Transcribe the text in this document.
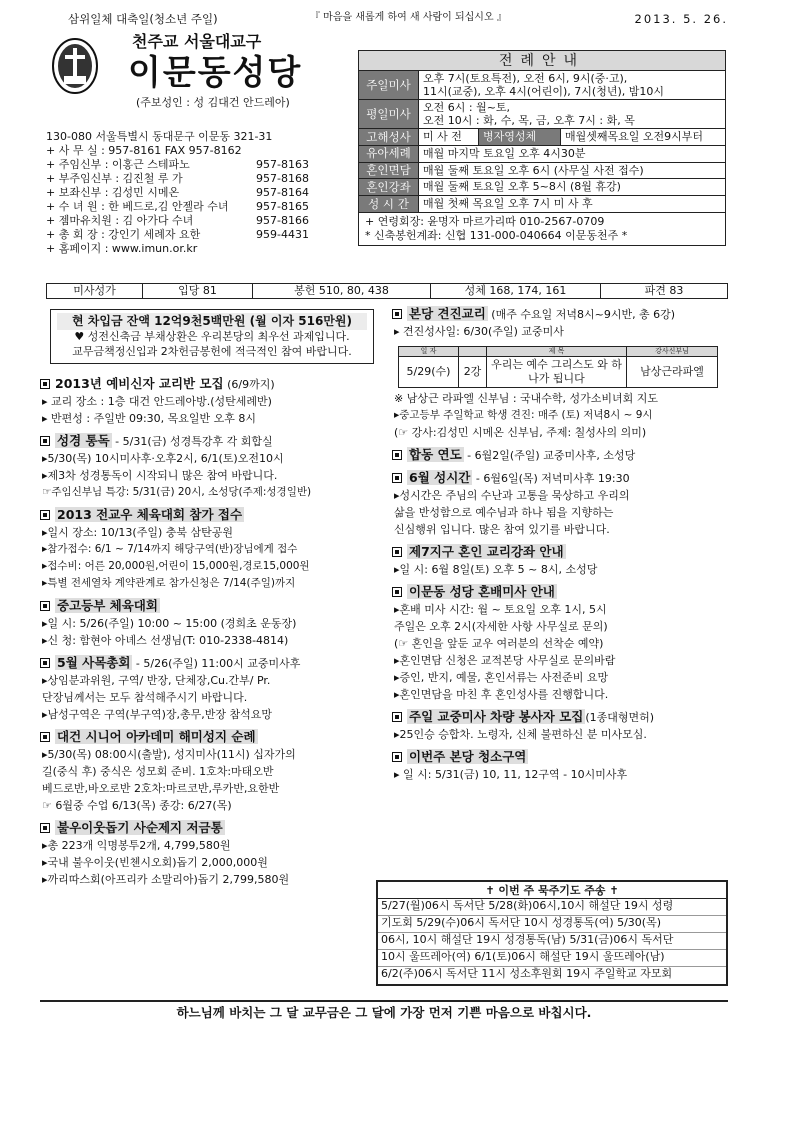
삼위일체 대축일(청소년 주일)	『 마음을 새롭게 하여 새 사람이 되십시오 』	2013. 5. 26.
천주교 서울대교구
이문동성당
(주보성인 : 성 김대건 안드레아)
130-080 서울특별시 동대문구 이문동 321-31
+ 사 무 실 : 957-8161 FAX 957-8162
+ 주임신부 : 이홍근 스테파노	957-8163
+ 부주임신부 : 김진철 루 가	957-8168
+ 보좌신부 : 김성민 시메온	957-8164
+ 수 녀 원 : 한 베드로,김 안젤라 수녀 957-8165
+ 젬마유치원 : 김 아가다 수녀	957-8166
+ 총 회 장 : 강인기 세례자 요한	959-4431
+ 홈페이지 : www.imun.or.kr
전례안내
주일미사	오후 7시(토요특전), 오전 6시, 9시(중·고),
11시(교중), 오후 4시(어린이), 7시(청년), 밤10시
평일미사	오전 6시 : 월~토,
오전 10시 : 화, 수, 목, 금, 오후 7시 : 화, 목
고해성사	미 사 전	병자영성체	매월셋째목요일 오전9시부터
유아세례	매월 마지막 토요일 오후 4시30분
혼인면담	매월 둘째 토요일 오후 6시 (사무실 사전 접수)
혼인강좌	매월 둘째 토요일 오후 5~8시 (8월 휴강)
성 시 간	매월 첫째 목요일 오후 7시 미 사 후
+ 연령회장: 윤명자 마르가리따 010-2567-0709
* 신축봉헌계좌: 신협 131-000-040664 이문동천주 *
미사성가	입당 81	봉헌 510, 80, 438	성체 168, 174, 161	파견 83
현 차입금 잔액 12억9천5백만원 (월 이자 516만원)
♥ 성전신축금 부채상환은 우리본당의 최우선 과제입니다.
교무금책정신입과 2차헌금봉헌에 적극적인 참여 바랍니다.
2013년 예비신자 교리반 모집 (6/9까지)
▸ 교리 장소 : 1층 대건 안드레아방.(성탄세례반)
▸ 반편성 : 주일반 09:30, 목요일반 오후 8시
성경 통독 - 5/31(금) 성경특강후 각 회합실
▸5/30(목) 10시미사후·오후2시, 6/1(토)오전10시
▸제3차 성경통독이 시작되니 많은 참여 바랍니다.
☞주임신부님 특강: 5/31(금) 20시, 소성당(주제:성경일반)
2013 전교우 체육대회 참가 접수
▸일시 장소: 10/13(주일) 충북 삼탄공원
▸참가접수: 6/1 ~ 7/14까지 해당구역(반)장님에게 접수
▸접수비: 어른 20,000원,어린이 15,000원,경로15,000원
▸특별 전세열차 계약관계로 참가신청은 7/14(주일)까지
중고등부 체육대회
▸일 시: 5/26(주일) 10:00 ~ 15:00 (경희초 운동장)
▸신 청: 함현아 아녜스 선생님(T: 010-2338-4814)
5월 사목총회 - 5/26(주일) 11:00시 교중미사후
▸상임분과위원, 구역/ 반장, 단체장,Cu.간부/ Pr.
단장님께서는 모두 참석해주시기 바랍니다.
▸남성구역은 구역(부구역)장,총무,반장 참석요망
대건 시니어 아카데미 해미성지 순례
▸5/30(목) 08:00시(출발), 성지미사(11시) 십자가의
길(중식 후) 중식은 성모회 준비. 1호차:마태오반
베드로반,바오로반 2호차:마르코반,루카반,요한반
☞ 6월중 수업 6/13(목) 종강: 6/27(목)
불우이웃돕기 사순제지 저금통
▸총 223개 익명봉투2개, 4,799,580원
▸국내 불우이웃(빈첸시오회)돕기 2,000,000원
▸까리따스회(아프리카 소말리아)돕기 2,799,580원
본당 견진교리 (매주 수요일 저녁8시~9시반, 총 6강)
▸ 견진성사일: 6/30(주일) 교중미사
일 자		제 목	강사신부님
5/29(수)	2강	우리는 예수 그리스도 와 하나가 됩니다	남상근라파엘
※ 남상근 라파엘 신부님 : 국내수학, 성가소비녀회 지도
▸중고등부 주일학교 학생 견진: 매주 (토) 저녁8시 ~ 9시
(☞ 강사:김성민 시메온 신부님, 주제: 칠성사의 의미)
합동 연도 - 6월2일(주일) 교중미사후, 소성당
6월 성시간 - 6월6일(목) 저녁미사후 19:30
▸성시간은 주님의 수난과 고통을 묵상하고 우리의
삶을 반성함으로 예수님과 하나 됨을 지향하는
신심행위 입니다. 많은 참여 있기를 바랍니다.
제7지구 혼인 교리강좌 안내
▸일 시: 6월 8일(토) 오후 5 ~ 8시, 소성당
이문동 성당 혼배미사 안내
▸혼배 미사 시간: 월 ~ 토요일 오후 1시, 5시
주일은 오후 2시(자세한 사항 사무실로 문의)
(☞ 혼인을 앞둔 교우 여러분의 선착순 예약)
▸혼인면담 신청은 교적본당 사무실로 문의바람
▸증인, 반지, 예물, 혼인서류는 사전준비 요망
▸혼인면담을 마친 후 혼인성사를 진행합니다.
주일 교중미사 차량 봉사자 모집 (1종대형면허)
▸25인승 승합차. 노령자, 신체 불편하신 분 미사모심.
이번주 본당 청소구역
▸ 일 시: 5/31(금) 10, 11, 12구역 - 10시미사후
✝ 이번 주 묵주기도 주송 ✝
5/27(월)06시 독서단 5/28(화)06시,10시 해설단 19시 성령
기도회 5/29(수)06시 독서단 10시 성경통독(여) 5/30(목)
06시, 10시 해설단 19시 성경통독(남) 5/31(금)06시 독서단
10시 울뜨레아(여) 6/1(토)06시 해설단 19시 울뜨레아(남)
6/2(주)06시 독서단 11시 성소후원회 19시 주일학교 자모회
하느님께 바치는 그 달 교무금은 그 달에 가장 먼저 기쁜 마음으로 바칩시다.
